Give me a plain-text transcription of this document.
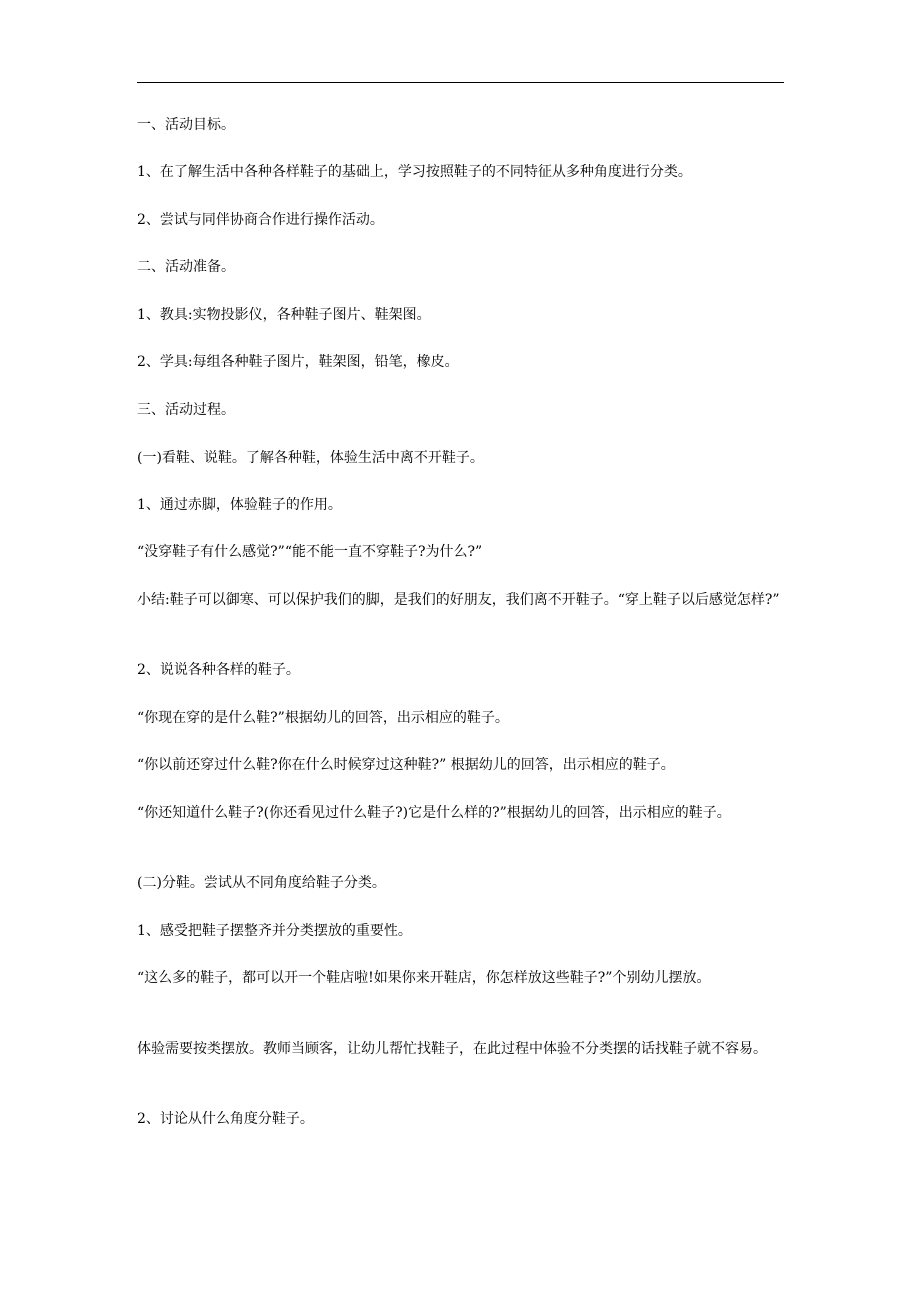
一、活动目标。

1、在了解生活中各种各样鞋子的基础上，学习按照鞋子的不同特征从多种角度进行分类。

2、尝试与同伴协商合作进行操作活动。

二、活动准备。

1、教具:实物投影仪，各种鞋子图片、鞋架图。

2、学具:每组各种鞋子图片，鞋架图，铅笔，橡皮。

三、活动过程。

(一)看鞋、说鞋。了解各种鞋，体验生活中离不开鞋子。

1、通过赤脚，体验鞋子的作用。

“没穿鞋子有什么感觉?”“能不能一直不穿鞋子?为什么?”

小结:鞋子可以御寒、可以保护我们的脚，是我们的好朋友，我们离不开鞋子。“穿上鞋子以后感觉怎样?”

2、说说各种各样的鞋子。

“你现在穿的是什么鞋?”根据幼儿的回答，出示相应的鞋子。

“你以前还穿过什么鞋?你在什么时候穿过这种鞋?” 根据幼儿的回答，出示相应的鞋子。

“你还知道什么鞋子?(你还看见过什么鞋子?)它是什么样的?”根据幼儿的回答，出示相应的鞋子。

(二)分鞋。尝试从不同角度给鞋子分类。

1、感受把鞋子摆整齐并分类摆放的重要性。

“这么多的鞋子，都可以开一个鞋店啦!如果你来开鞋店，你怎样放这些鞋子?”个别幼儿摆放。

体验需要按类摆放。教师当顾客，让幼儿帮忙找鞋子，在此过程中体验不分类摆的话找鞋子就不容易。

2、讨论从什么角度分鞋子。
